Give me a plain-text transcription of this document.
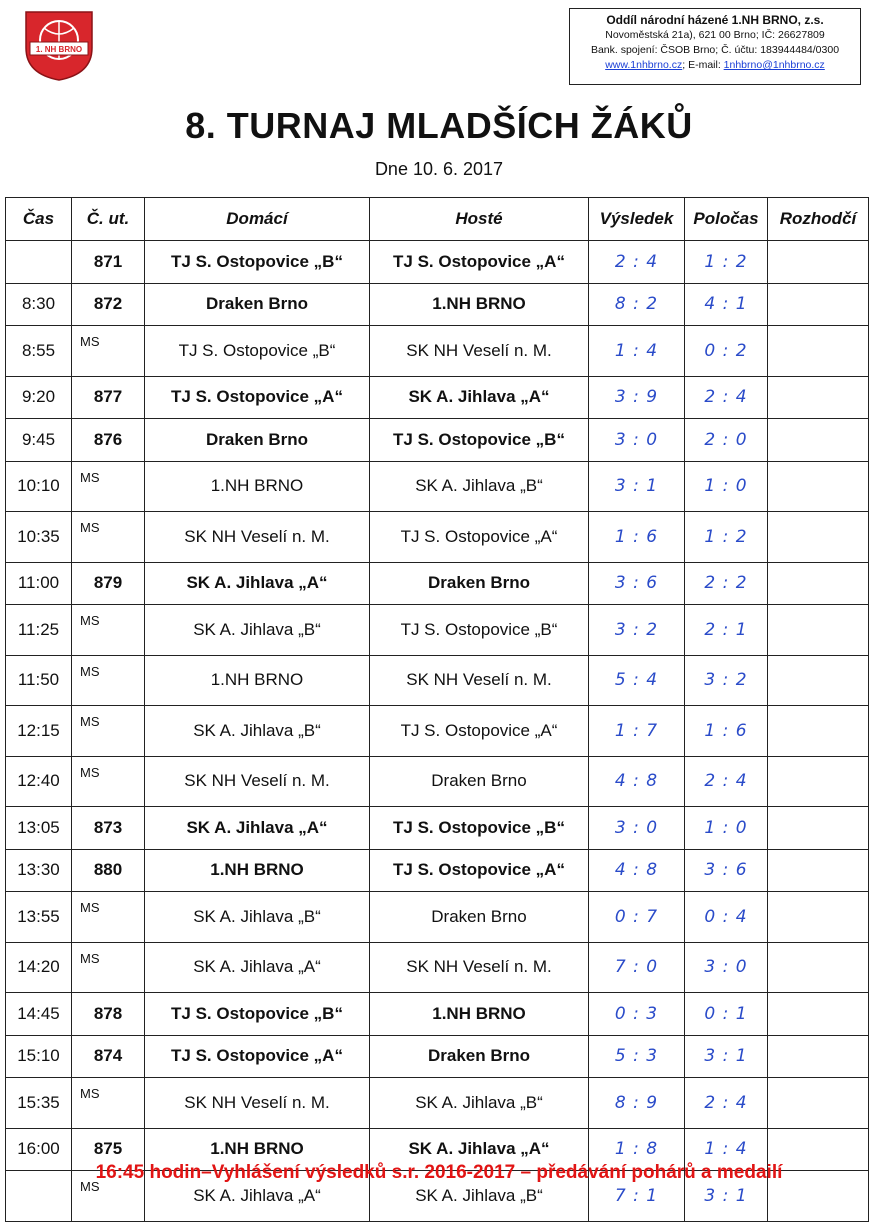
1. NH BRNO
Oddíl národní házené 1.NH BRNO, z.s.
Novoměstská 21a), 621 00 Brno; IČ: 26627809
Bank. spojení: ČSOB Brno; Č. účtu: 183944484/0300
www.1nhbrno.cz; E-mail: 1nhbrno@1nhbrno.cz
8. TURNAJ MLADŠÍCH ŽÁKŮ
Dne 10. 6. 2017
Čas	Č. ut.	Domácí	Hosté	Výsledek	Poločas	Rozhodčí
	871	TJ S. Ostopovice „B“	TJ S. Ostopovice „A“	2 : 4	1 : 2	
8:30	872	Draken Brno	1.NH BRNO	8 : 2	4 : 1	
8:55	MS	TJ S. Ostopovice „B“	SK NH Veselí n. M.	1 : 4	0 : 2	
9:20	877	TJ S. Ostopovice „A“	SK A. Jihlava „A“	3 : 9	2 : 4	
9:45	876	Draken Brno	TJ S. Ostopovice „B“	3 : 0	2 : 0	
10:10	MS	1.NH BRNO	SK A. Jihlava „B“	3 : 1	1 : 0	
10:35	MS	SK NH Veselí n. M.	TJ S. Ostopovice „A“	1 : 6	1 : 2	
11:00	879	SK A. Jihlava „A“	Draken Brno	3 : 6	2 : 2	
11:25	MS	SK A. Jihlava „B“	TJ S. Ostopovice „B“	3 : 2	2 : 1	
11:50	MS	1.NH BRNO	SK NH Veselí n. M.	5 : 4	3 : 2	
12:15	MS	SK A. Jihlava „B“	TJ S. Ostopovice „A“	1 : 7	1 : 6	
12:40	MS	SK NH Veselí n. M.	Draken Brno	4 : 8	2 : 4	
13:05	873	SK A. Jihlava „A“	TJ S. Ostopovice „B“	3 : 0	1 : 0	
13:30	880	1.NH BRNO	TJ S. Ostopovice „A“	4 : 8	3 : 6	
13:55	MS	SK A. Jihlava „B“	Draken Brno	0 : 7	0 : 4	
14:20	MS	SK A. Jihlava „A“	SK NH Veselí n. M.	7 : 0	3 : 0	
14:45	878	TJ S. Ostopovice „B“	1.NH BRNO	0 : 3	0 : 1	
15:10	874	TJ S. Ostopovice „A“	Draken Brno	5 : 3	3 : 1	
15:35	MS	SK NH Veselí n. M.	SK A. Jihlava „B“	8 : 9	2 : 4	
16:00	875	1.NH BRNO	SK A. Jihlava „A“	1 : 8	1 : 4	
	MS	SK A. Jihlava „A“	SK A. Jihlava „B“	7 : 1	3 : 1	
16:45 hodin–Vyhlášení výsledků s.r. 2016-2017 – předávání pohárů a medailí
